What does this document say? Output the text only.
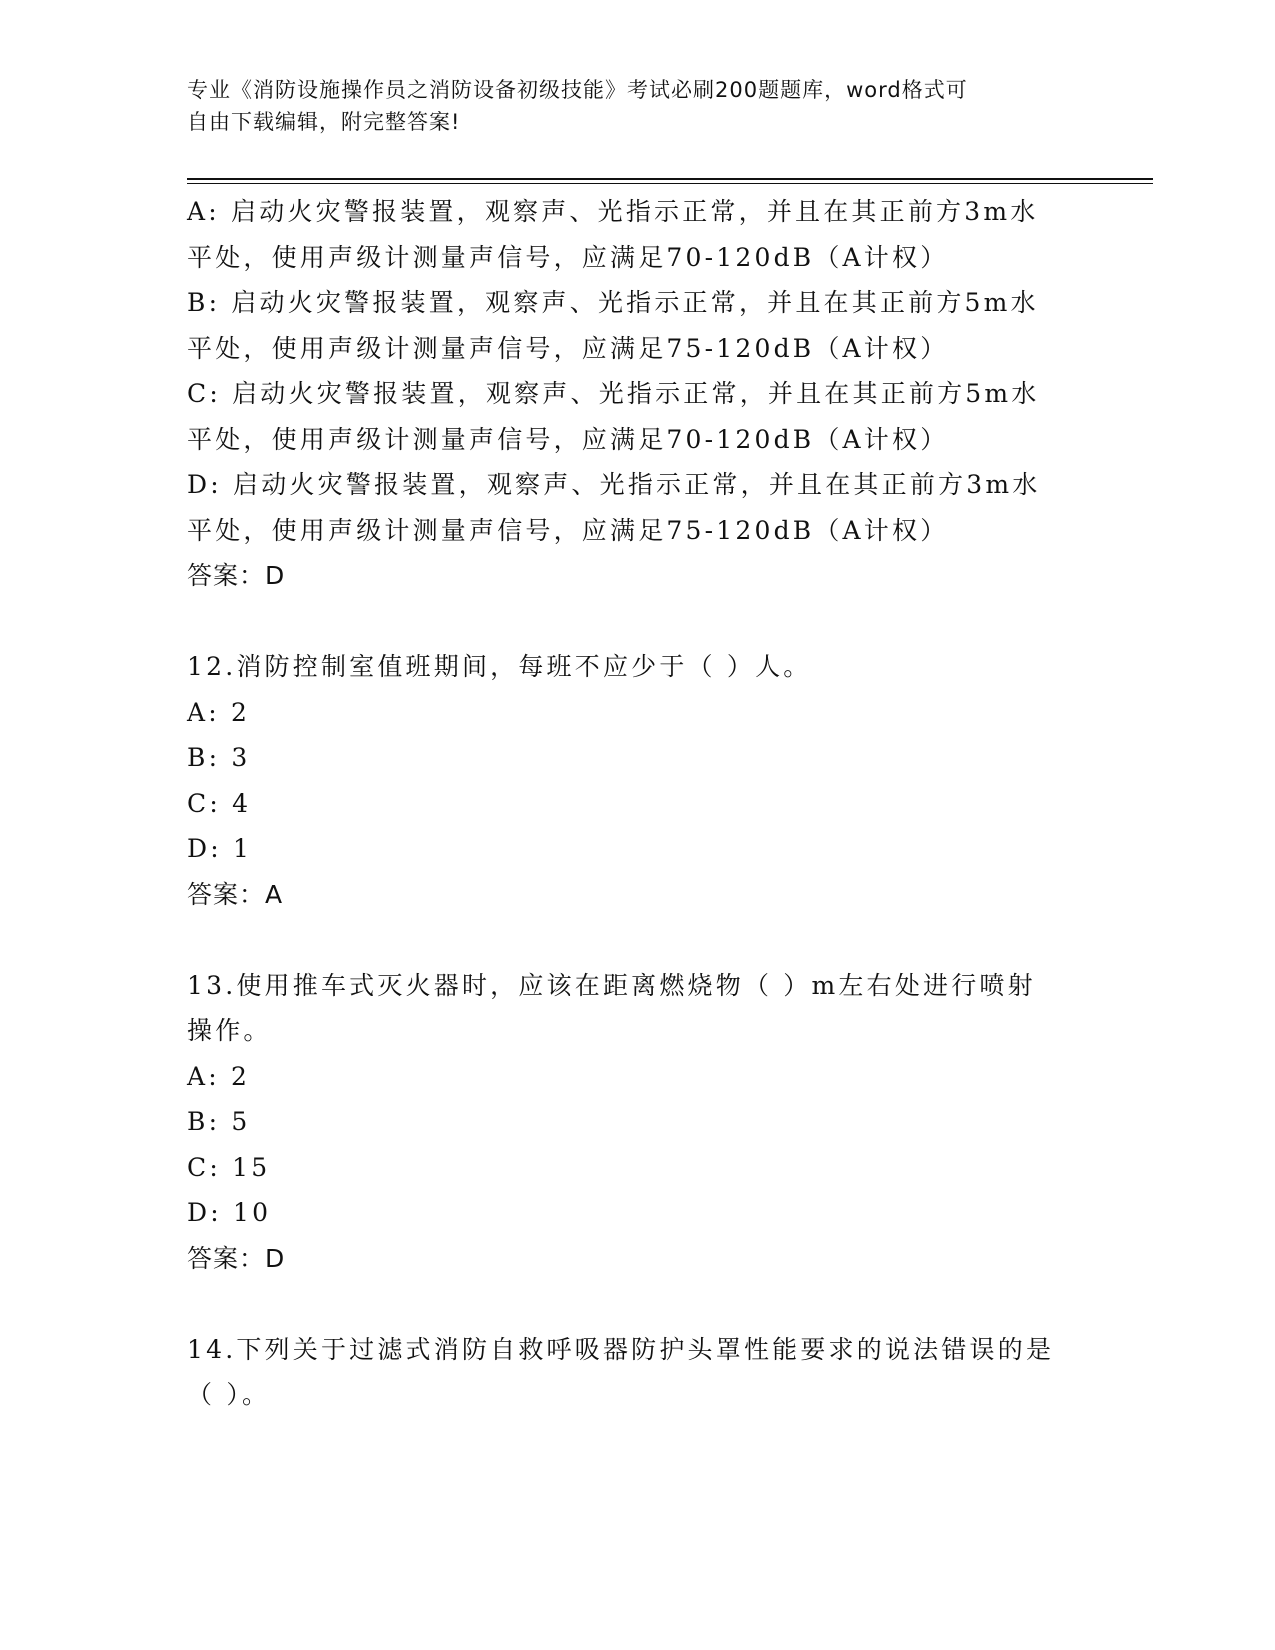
专业《消防设施操作员之消防设备初级技能》考试必刷200题题库，word格式可
自由下载编辑，附完整答案!
A: 启动火灾警报装置，观察声、光指示正常，并且在其正前方3m水
平处，使用声级计测量声信号，应满足70-120dB（A计权）
B: 启动火灾警报装置，观察声、光指示正常，并且在其正前方5m水
平处，使用声级计测量声信号，应满足75-120dB（A计权）
C: 启动火灾警报装置，观察声、光指示正常，并且在其正前方5m水
平处，使用声级计测量声信号，应满足70-120dB（A计权）
D: 启动火灾警报装置，观察声、光指示正常，并且在其正前方3m水
平处，使用声级计测量声信号，应满足75-120dB（A计权）
答案：D
12.消防控制室值班期间，每班不应少于（ ）人。
A: 2
B: 3
C: 4
D: 1
答案：A
13.使用推车式灭火器时，应该在距离燃烧物（ ）m左右处进行喷射
操作。
A: 2
B: 5
C: 15
D: 10
答案：D
14.下列关于过滤式消防自救呼吸器防护头罩性能要求的说法错误的是
（ ）。
